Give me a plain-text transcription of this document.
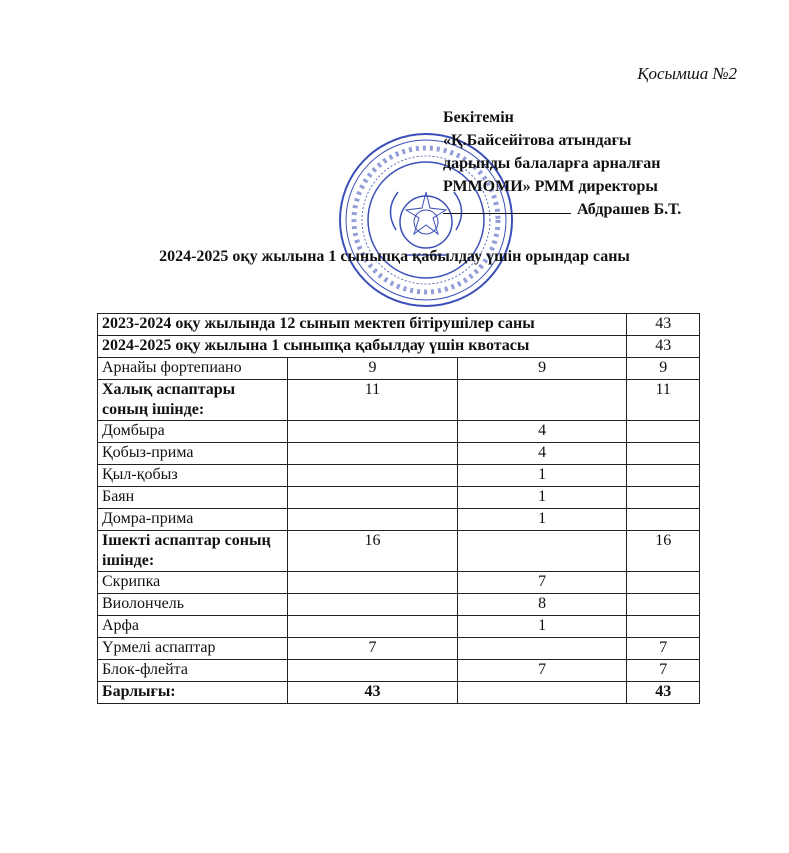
Қосымша №2
Бекітемін
«Қ.Байсейітова атындағы
дарынды балаларға арналған
РММОМИ» РММ директоры
Абдрашев Б.Т.
2024-2025 оқу жылына 1 сыныпқа қабылдау үшін орындар саны
2023-2024 оқу жылында 12 сынып мектеп бітірушілер саны			43
2024-2025 оқу жылына 1 сыныпқа қабылдау үшін квотасы			43
Арнайы фортепиано	9	9	9
Халық аспаптары соның ішінде:	11		11
Домбыра		4	
Қобыз-прима		4	
Қыл-қобыз		1	
Баян		1	
Домра-прима		1	
Ішекті аспаптар соның ішінде:	16		16
Скрипка		7	
Виолончель		8	
Арфа		1	
Үрмелі аспаптар	7		7
Блок-флейта		7	7
Барлығы:	43		43
